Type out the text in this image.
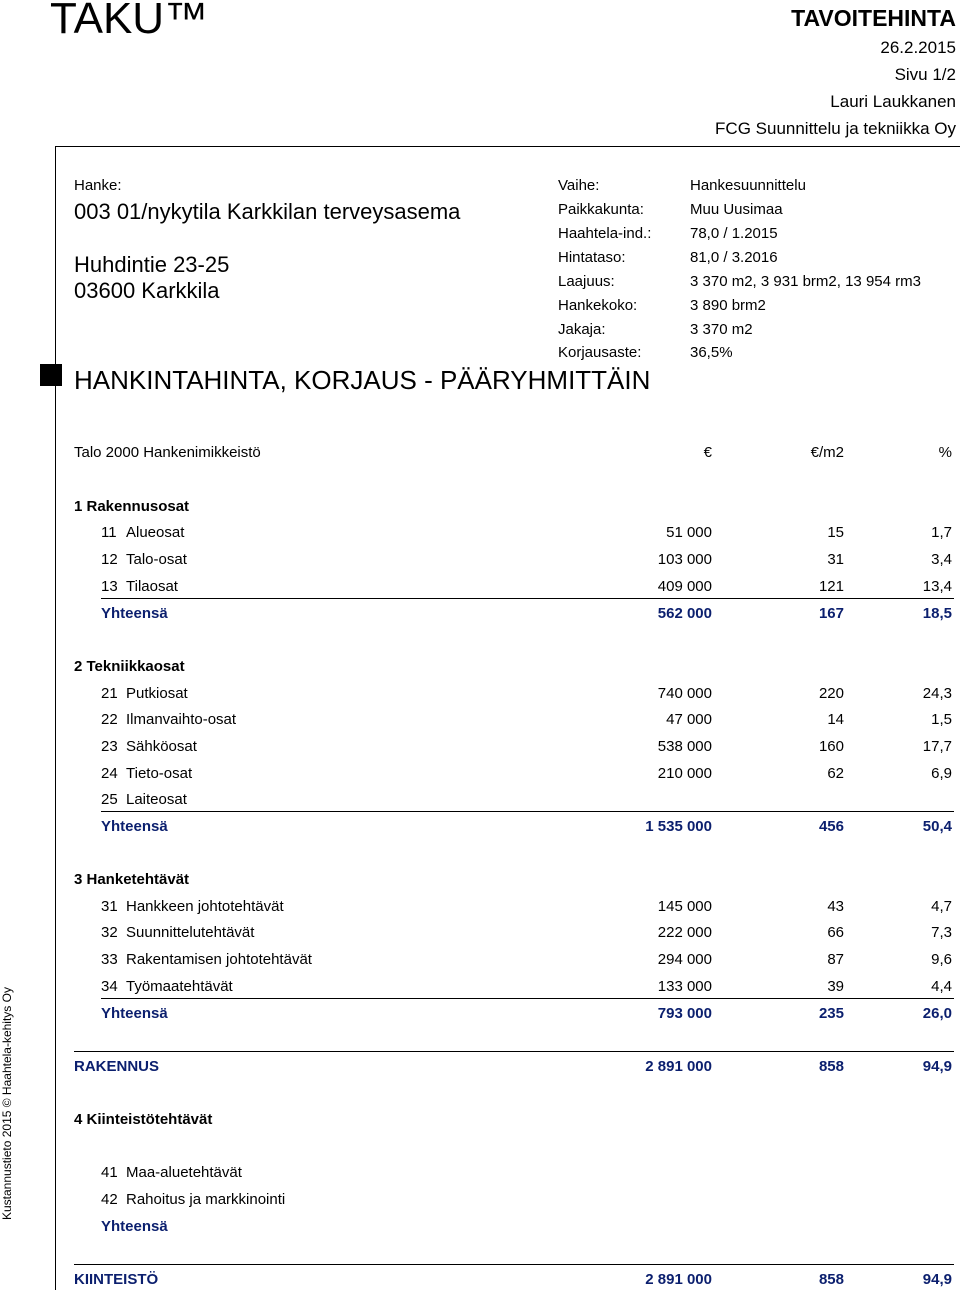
TAKU™	TAVOITEHINTA
26.2.2015
Sivu 1/2
Lauri Laukkanen
FCG Suunnittelu ja tekniikka Oy
Hanke:
003 01/nykytila Karkkilan terveysasema
Huhdintie 23-25
03600 Karkkila
HANKINTAHINTA, KORJAUS - PÄÄRYHMITTÄIN
Vaihe:	Hankesuunnittelu
Paikkakunta:	Muu Uusimaa
Haahtela-ind.:	78,0 / 1.2015
Hintataso:	81,0 / 3.2016
Laajuus:	3 370 m2, 3 931 brm2, 13 954 rm3
Hankekoko:	3 890 brm2
Jakaja:	3 370 m2
Korjausaste:	36,5%
Talo 2000 Hankenimikkeistö	€	€/m2	%
1 Rakennusosat
11 Alueosat	51 000	15	1,7
12 Talo-osat	103 000	31	3,4
13 Tilaosat	409 000	121	13,4
Yhteensä	562 000	167	18,5
2 Tekniikkaosat
21 Putkiosat	740 000	220	24,3
22 Ilmanvaihto-osat	47 000	14	1,5
23 Sähköosat	538 000	160	17,7
24 Tieto-osat	210 000	62	6,9
25 Laiteosat
Yhteensä	1 535 000	456	50,4
3 Hanketehtävät
31 Hankkeen johtotehtävät	145 000	43	4,7
32 Suunnittelutehtävät	222 000	66	7,3
33 Rakentamisen johtotehtävät	294 000	87	9,6
34 Työmaatehtävät	133 000	39	4,4
Yhteensä	793 000	235	26,0
RAKENNUS	2 891 000	858	94,9
4 Kiinteistötehtävät
41 Maa-aluetehtävät
42 Rahoitus ja markkinointi
Yhteensä
KIINTEISTÖ	2 891 000	858	94,9
Kustannustieto 2015 © Haahtela-kehitys Oy
